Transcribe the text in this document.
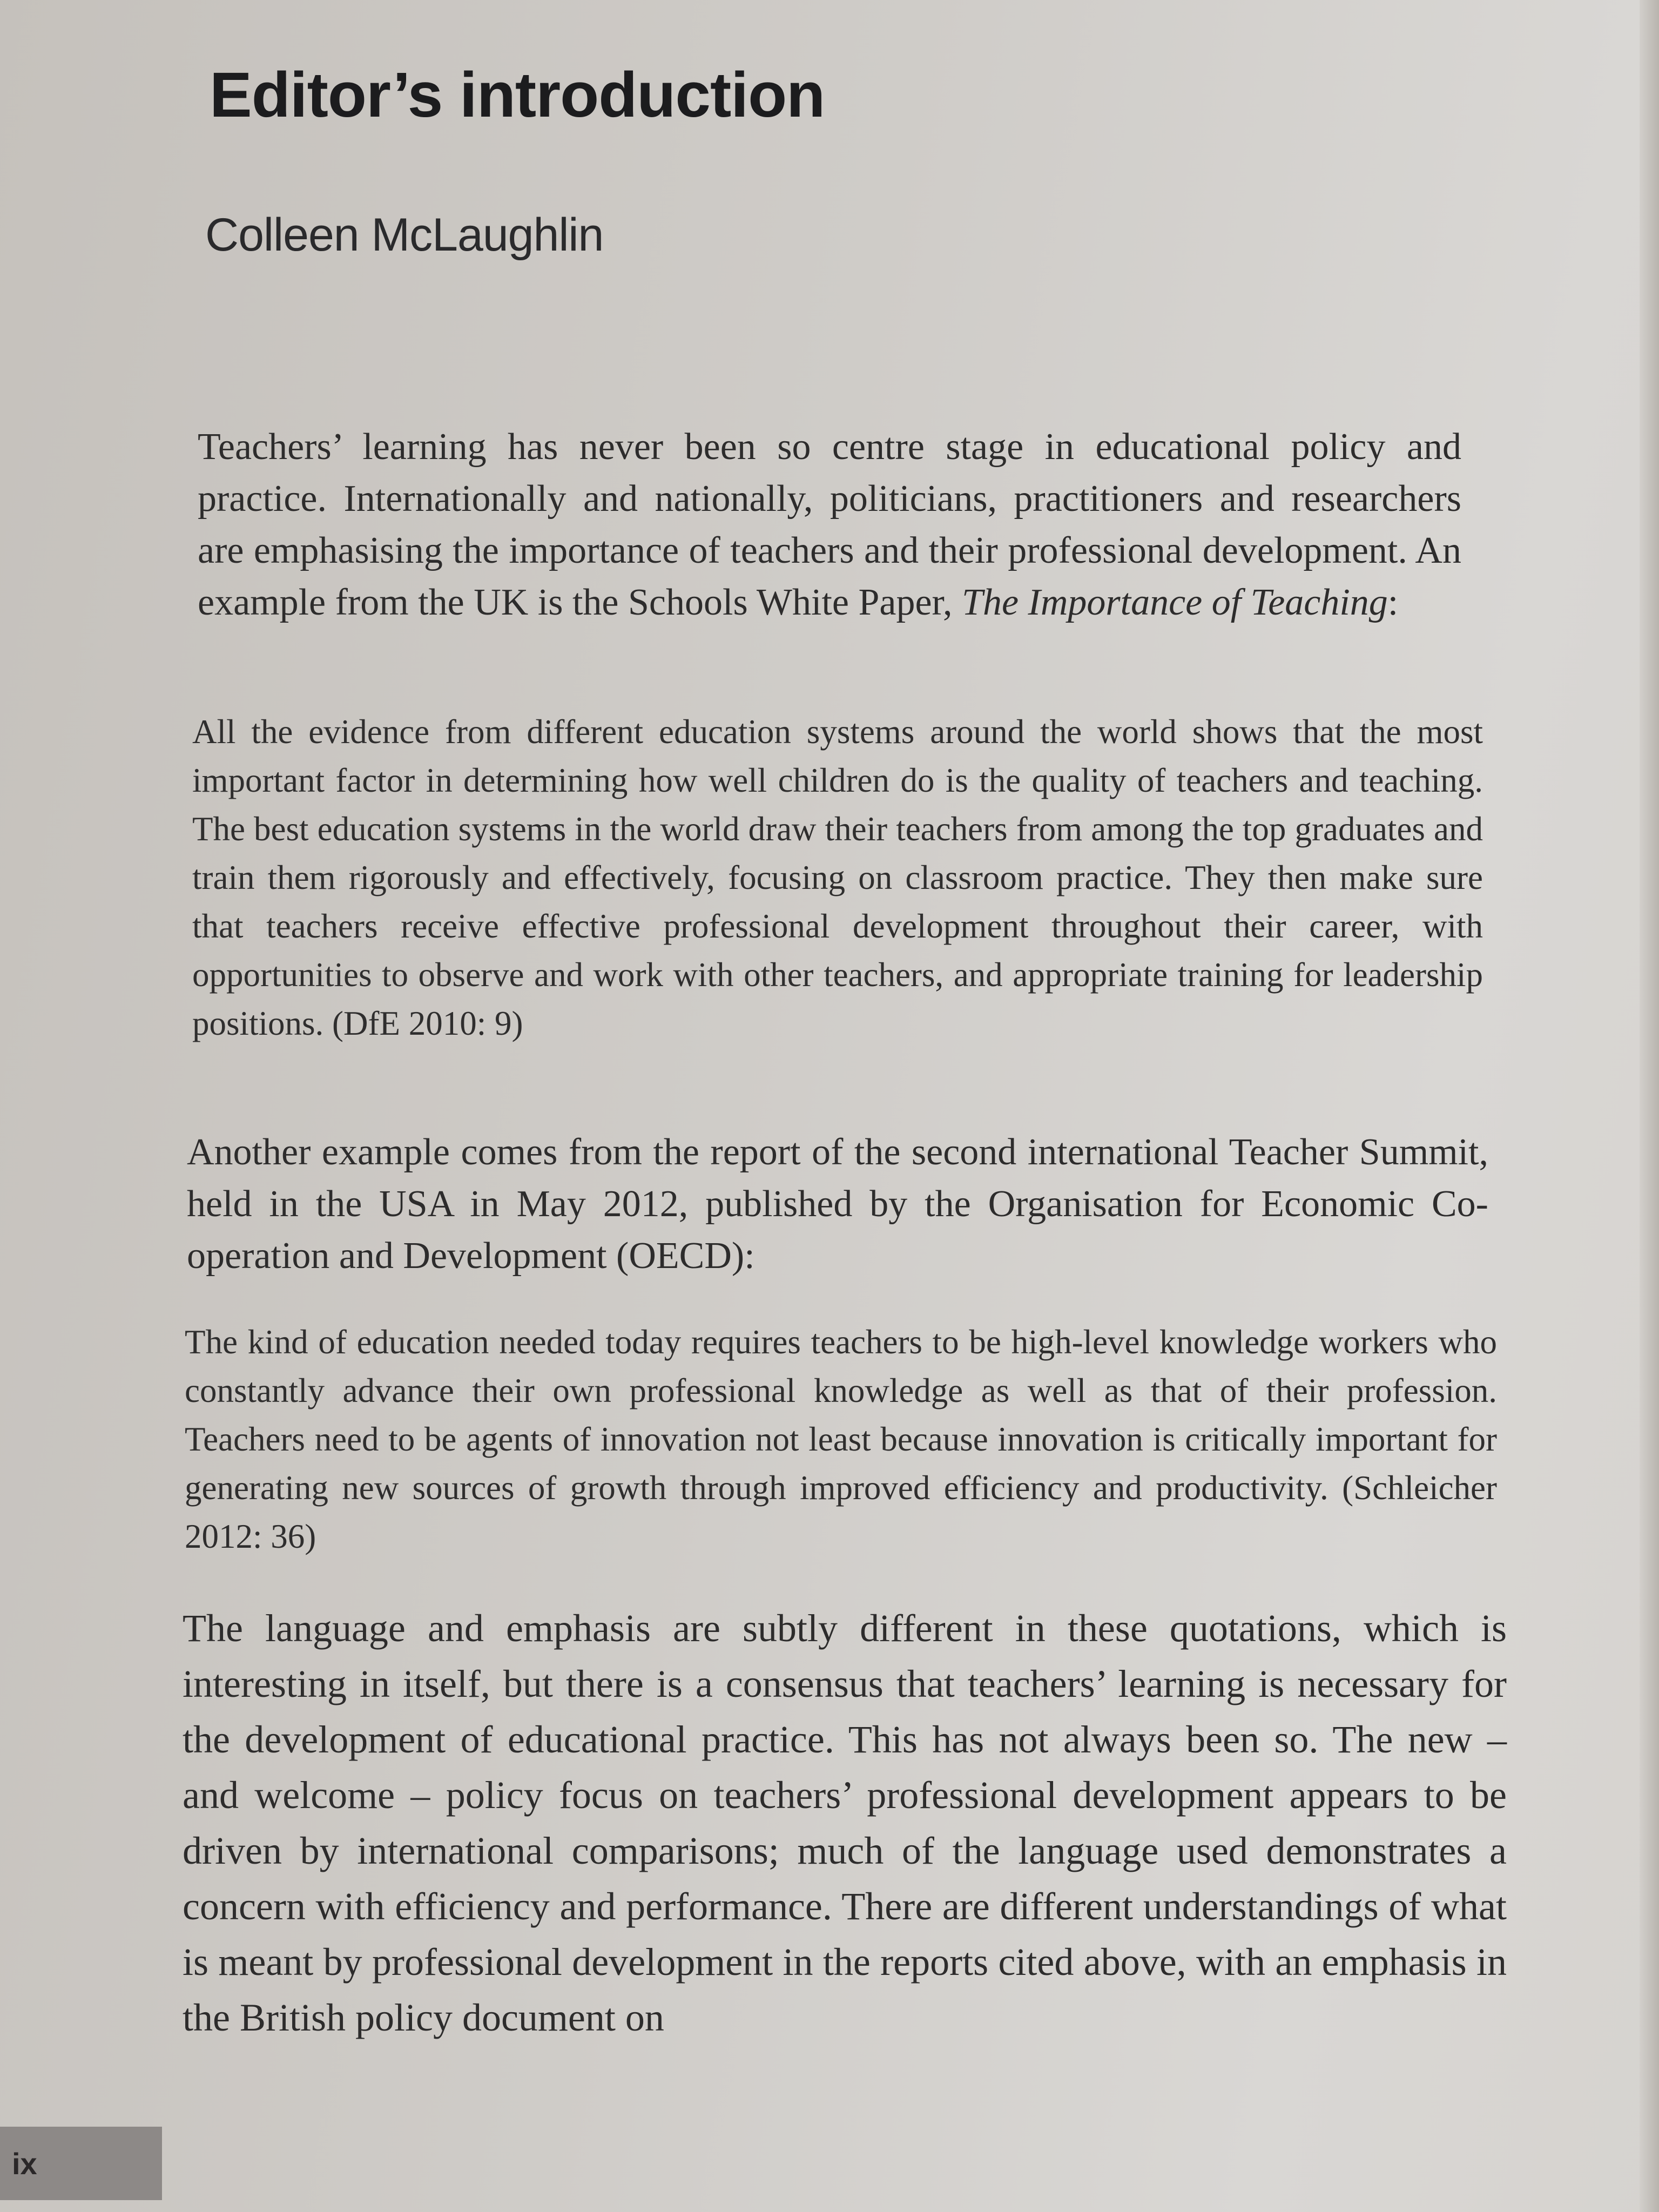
Editor’s introduction
Colleen McLaughlin

Teachers’ learning has never been so centre stage in educational policy and practice. Internationally and nationally, politicians, practitioners and researchers are emphasising the importance of teachers and their professional development. An example from the UK is the Schools White Paper, The Importance of Teaching:

All the evidence from different education systems around the world shows that the most important factor in determining how well children do is the quality of teachers and teaching. The best education systems in the world draw their teachers from among the top graduates and train them rigorously and effectively, focusing on classroom practice. They then make sure that teachers receive effective professional development throughout their career, with opportunities to observe and work with other teachers, and appropriate training for leadership positions. (DfE 2010: 9)

Another example comes from the report of the second international Teacher Summit, held in the USA in May 2012, published by the Organisation for Economic Co-operation and Development (OECD):

The kind of education needed today requires teachers to be high-level knowledge workers who constantly advance their own professional knowledge as well as that of their profession. Teachers need to be agents of innovation not least because innovation is critically important for generating new sources of growth through improved efficiency and productivity. (Schleicher 2012: 36)

The language and emphasis are subtly different in these quotations, which is interesting in itself, but there is a consensus that teachers’ learning is necessary for the development of educational practice. This has not always been so. The new – and welcome – policy focus on teachers’ professional development appears to be driven by international comparisons; much of the language used demonstrates a concern with efficiency and performance. There are different understandings of what is meant by professional development in the reports cited above, with an emphasis in the British policy document on

ix
